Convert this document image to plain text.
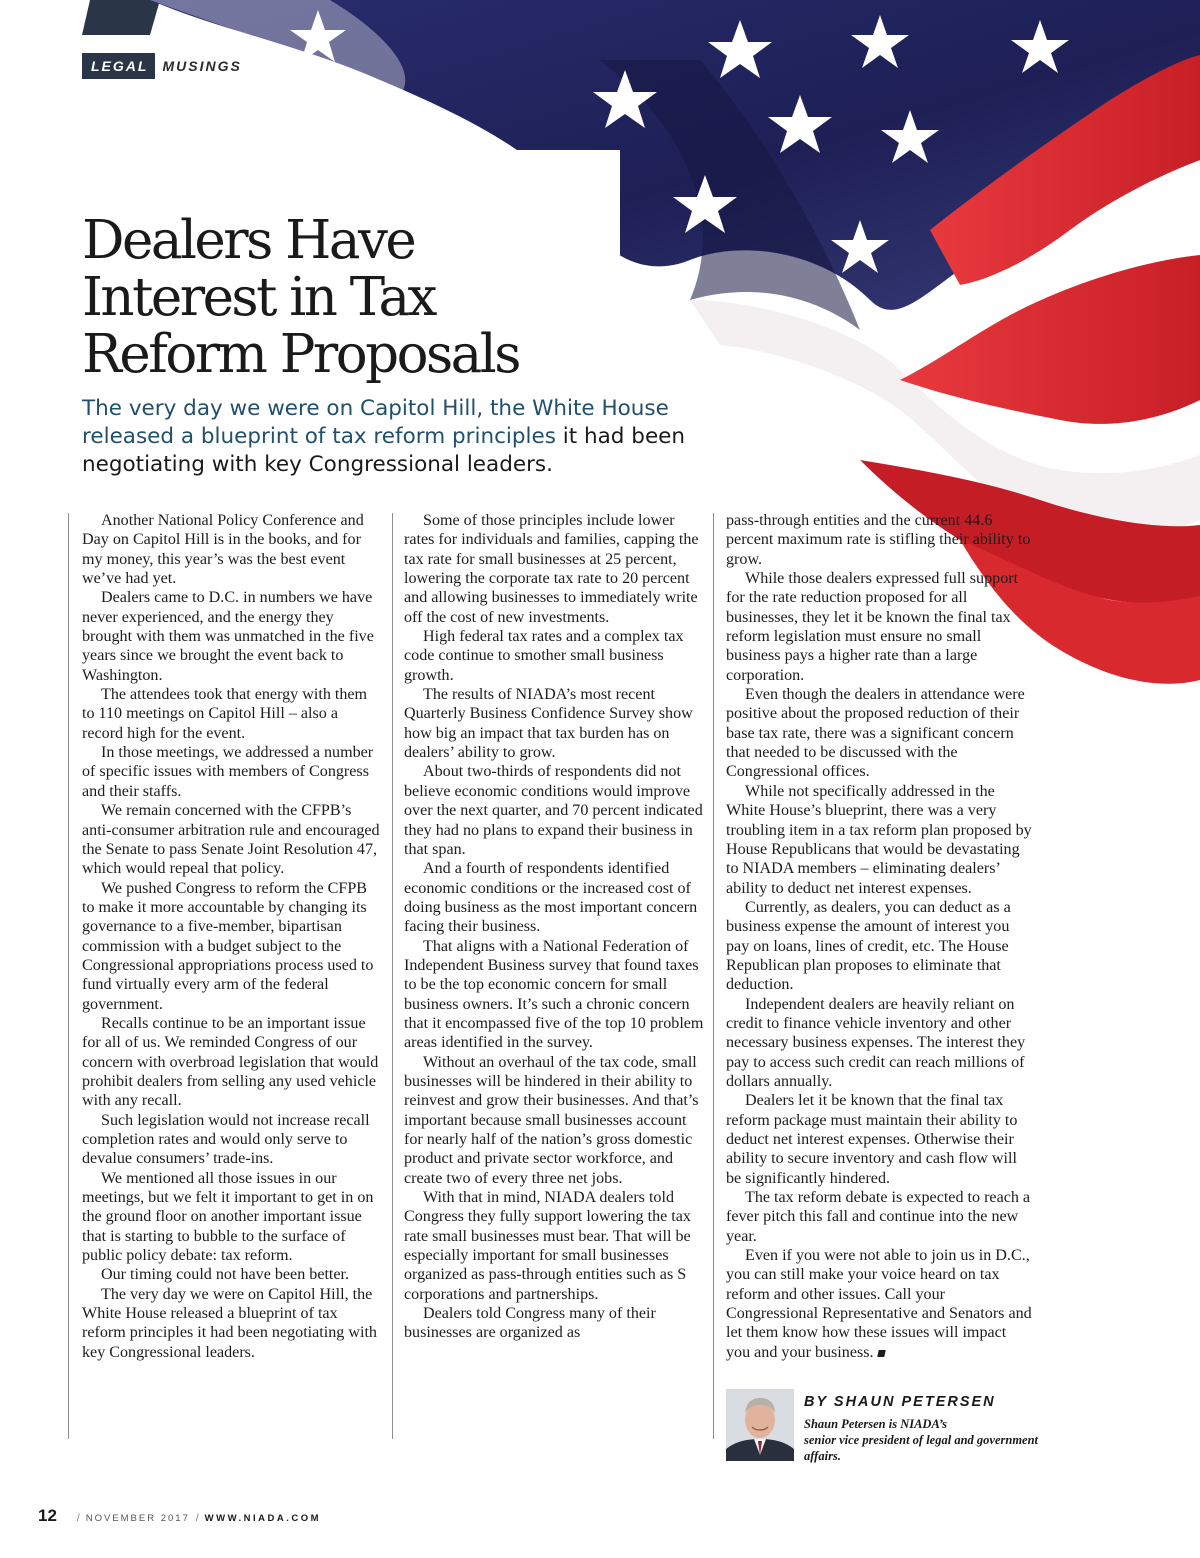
LEGAL	MUSINGS
Dealers Have
Interest in Tax
Reform Proposals

The very day we were on Capitol Hill, the White House
released a blueprint of tax reform principles it had been
negotiating with key Congressional leaders.

Another National Policy Conference and Day on Capitol Hill is in the books, and for my money, this year’s was the best event we’ve had yet.

Dealers came to D.C. in numbers we have never experienced, and the energy they brought with them was unmatched in the five years since we brought the event back to Washington.

The attendees took that energy with them to 110 meetings on Capitol Hill – also a record high for the event.

In those meetings, we addressed a number of specific issues with members of Congress and their staffs.

We remain concerned with the CFPB’s anti-consumer arbitration rule and encouraged the Senate to pass Senate Joint Resolution 47, which would repeal that policy.

We pushed Congress to reform the CFPB to make it more accountable by changing its governance to a five-member, bipartisan commission with a budget subject to the Congressional appropriations process used to fund virtually every arm of the federal government.

Recalls continue to be an important issue for all of us. We reminded Congress of our concern with overbroad legislation that would prohibit dealers from selling any used vehicle with any recall.

Such legislation would not increase recall completion rates and would only serve to devalue consumers’ trade-ins.

We mentioned all those issues in our meetings, but we felt it important to get in on the ground floor on another important issue that is starting to bubble to the surface of public policy debate: tax reform.

Our timing could not have been better.

The very day we were on Capitol Hill, the White House released a blueprint of tax reform principles it had been negotiating with key Congressional leaders.

Some of those principles include lower rates for individuals and families, capping the tax rate for small businesses at 25 percent, lowering the corporate tax rate to 20 percent and allowing businesses to immediately write off the cost of new investments.

High federal tax rates and a complex tax code continue to smother small business growth.

The results of NIADA’s most recent Quarterly Business Confidence Survey show how big an impact that tax burden has on dealers’ ability to grow.

About two-thirds of respondents did not believe economic conditions would improve over the next quarter, and 70 percent indicated they had no plans to expand their business in that span.

And a fourth of respondents identified economic conditions or the increased cost of doing business as the most important concern facing their business.

That aligns with a National Federation of Independent Business survey that found taxes to be the top economic concern for small business owners. It’s such a chronic concern that it encompassed five of the top 10 problem areas identified in the survey.

Without an overhaul of the tax code, small businesses will be hindered in their ability to reinvest and grow their businesses. And that’s important because small businesses account for nearly half of the nation’s gross domestic product and private sector workforce, and create two of every three net jobs.

With that in mind, NIADA dealers told Congress they fully support lowering the tax rate small businesses must bear. That will be especially important for small businesses organized as pass-through entities such as S corporations and partnerships.

Dealers told Congress many of their businesses are organized as

pass-through entities and the current 44.6 percent maximum rate is stifling their ability to grow.

While those dealers expressed full support for the rate reduction proposed for all businesses, they let it be known the final tax reform legislation must ensure no small business pays a higher rate than a large corporation.

Even though the dealers in attendance were positive about the proposed reduction of their base tax rate, there was a significant concern that needed to be discussed with the Congressional offices.

While not specifically addressed in the White House’s blueprint, there was a very troubling item in a tax reform plan proposed by House Republicans that would be devastating to NIADA members – eliminating dealers’ ability to deduct net interest expenses.

Currently, as dealers, you can deduct as a business expense the amount of interest you pay on loans, lines of credit, etc. The House Republican plan proposes to eliminate that deduction.

Independent dealers are heavily reliant on credit to finance vehicle inventory and other necessary business expenses. The interest they pay to access such credit can reach millions of dollars annually.

Dealers let it be known that the final tax reform package must maintain their ability to deduct net interest expenses. Otherwise their ability to secure inventory and cash flow will be significantly hindered.

The tax reform debate is expected to reach a fever pitch this fall and continue into the new year.

Even if you were not able to join us in D.C., you can still make your voice heard on tax reform and other issues. Call your Congressional Representative and Senators and let them know how these issues will impact you and your business.

BY SHAUN PETERSEN

Shaun Petersen is NIADA’s
senior vice president of legal and government affairs.

12 / NOVEMBER 2017 / WWW.NIADA.COM
